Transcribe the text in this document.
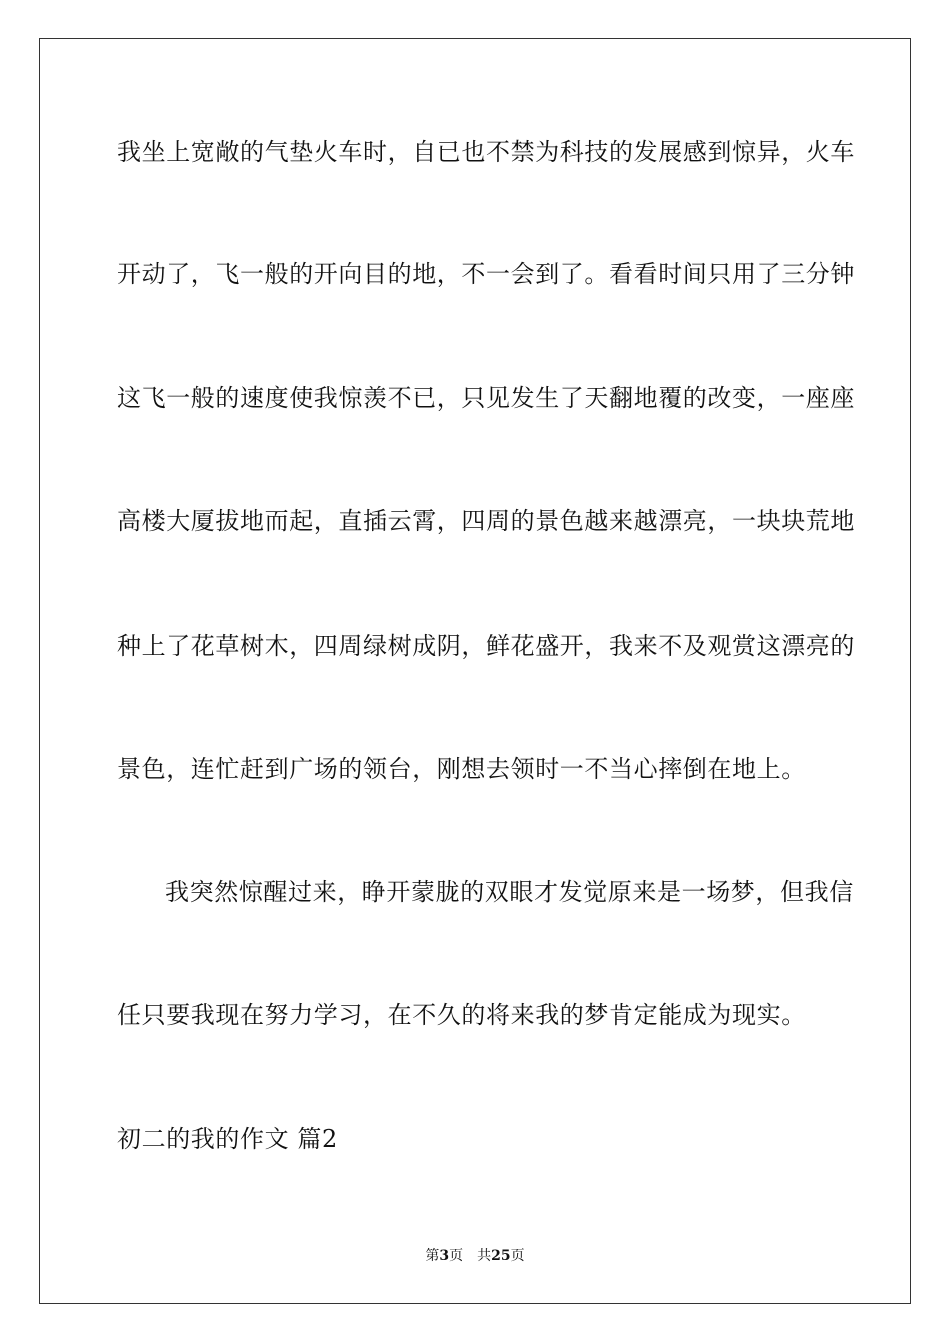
我坐上宽敞的气垫火车时，自已也不禁为科技的发展感到惊异，火车
开动了，飞一般的开向目的地，不一会到了。看看时间只用了三分钟
这飞一般的速度使我惊羡不已，只见发生了天翻地覆的改变，一座座
高楼大厦拔地而起，直插云霄，四周的景色越来越漂亮，一块块荒地
种上了花草树木，四周绿树成阴，鲜花盛开，我来不及观赏这漂亮的
景色，连忙赶到广场的领台，刚想去领时一不当心摔倒在地上。
我突然惊醒过来，睁开蒙胧的双眼才发觉原来是一场梦，但我信
任只要我现在努力学习，在不久的将来我的梦肯定能成为现实。
初二的我的作文 篇2
第3页 共25页
